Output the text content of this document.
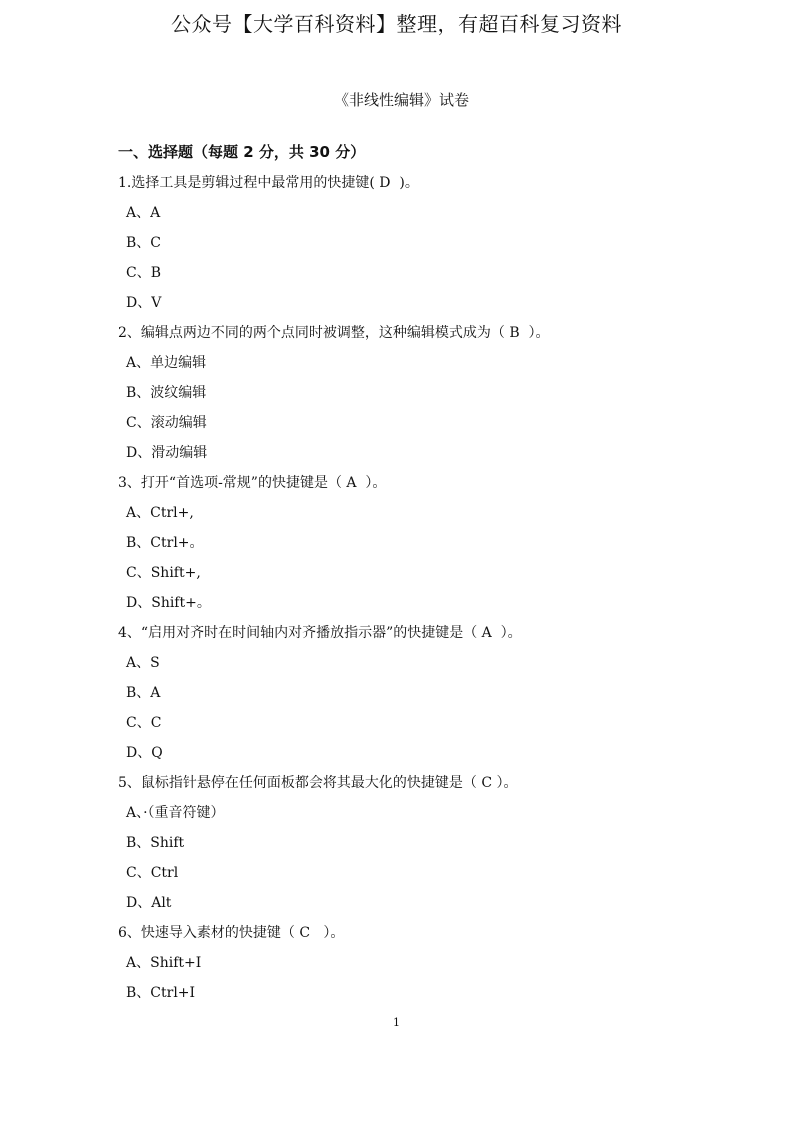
公众号【大学百科资料】整理，有超百科复习资料
《非线性编辑》试卷
一、选择题（每题 2 分，共 30 分）
1.选择工具是剪辑过程中最常用的快捷键( D  )。
A、A
B、C
C、B
D、V
2、编辑点两边不同的两个点同时被调整，这种编辑模式成为（ B  ）。
A、单边编辑
B、波纹编辑
C、滚动编辑
D、滑动编辑
3、打开“首选项-常规”的快捷键是（ A  ）。
A、Ctrl+,
B、Ctrl+。
C、Shift+,
D、Shift+。
4、“启用对齐时在时间轴内对齐播放指示器”的快捷键是（ A  ）。
A、S
B、A
C、C
D、Q
5、鼠标指针悬停在任何面板都会将其最大化的快捷键是（ C ）。
A、·（重音符键）
B、Shift
C、Ctrl
D、Alt
6、快速导入素材的快捷键（ C   ）。
A、Shift+I
B、Ctrl+I
1
